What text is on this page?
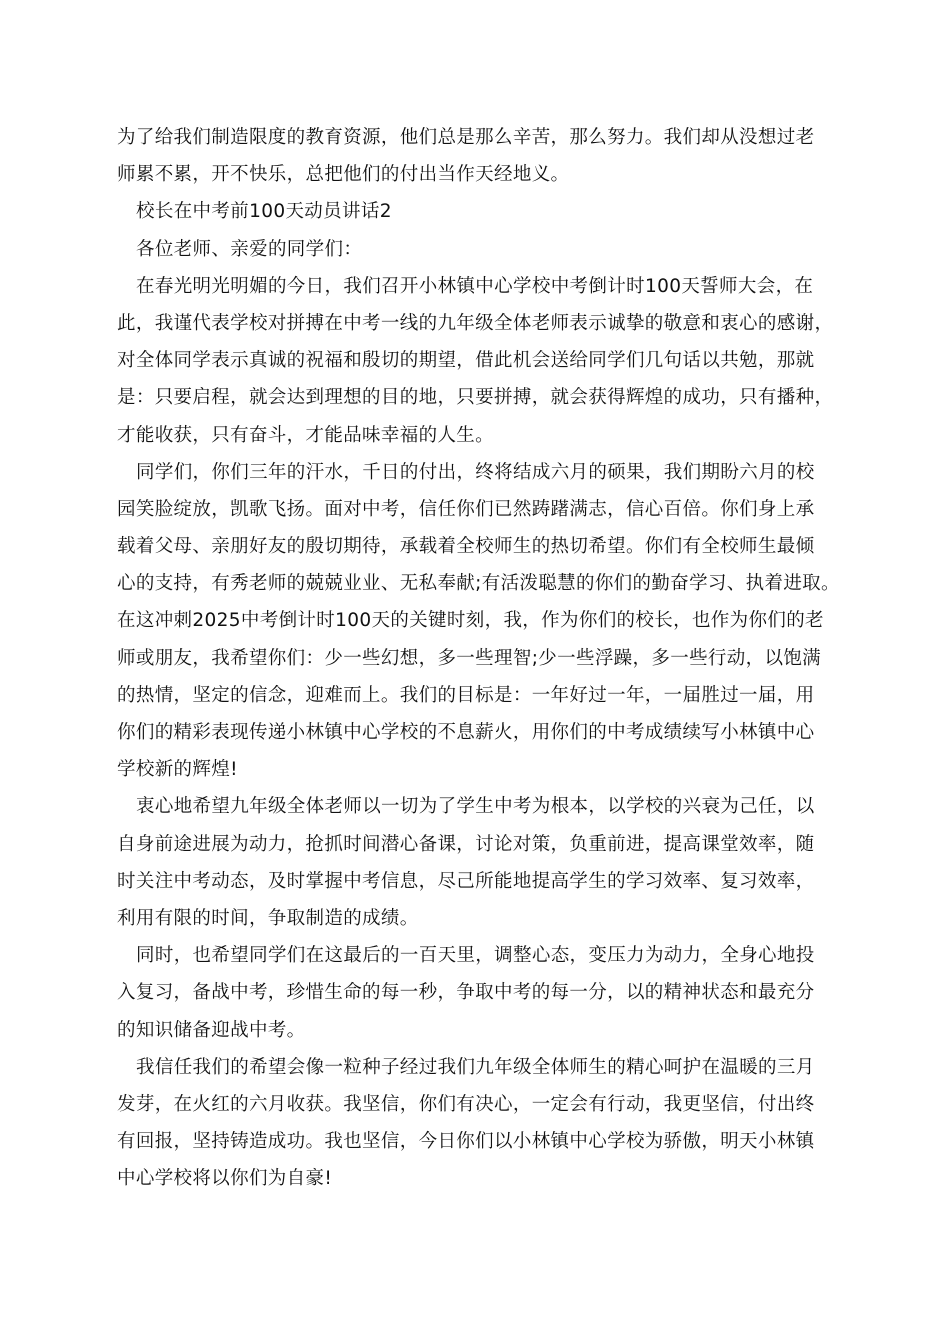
为了给我们制造限度的教育资源，他们总是那么辛苦，那么努力。我们却从没想过老
师累不累，开不快乐，总把他们的付出当作天经地义。
校长在中考前100天动员讲话2
各位老师、亲爱的同学们：
在春光明光明媚的今日，我们召开小林镇中心学校中考倒计时100天誓师大会，在
此，我谨代表学校对拼搏在中考一线的九年级全体老师表示诚挚的敬意和衷心的感谢，
对全体同学表示真诚的祝福和殷切的期望，借此机会送给同学们几句话以共勉，那就
是：只要启程，就会达到理想的目的地，只要拼搏，就会获得辉煌的成功，只有播种，
才能收获，只有奋斗，才能品味幸福的人生。
同学们，你们三年的汗水，千日的付出，终将结成六月的硕果，我们期盼六月的校
园笑脸绽放，凯歌飞扬。面对中考，信任你们已然踌躇满志，信心百倍。你们身上承
载着父母、亲朋好友的殷切期待，承载着全校师生的热切希望。你们有全校师生最倾
心的支持，有秀老师的兢兢业业、无私奉献;有活泼聪慧的你们的勤奋学习、执着进取。
在这冲刺2025中考倒计时100天的关键时刻，我，作为你们的校长，也作为你们的老
师或朋友，我希望你们：少一些幻想，多一些理智;少一些浮躁，多一些行动，以饱满
的热情，坚定的信念，迎难而上。我们的目标是：一年好过一年，一届胜过一届，用
你们的精彩表现传递小林镇中心学校的不息薪火，用你们的中考成绩续写小林镇中心
学校新的辉煌!
衷心地希望九年级全体老师以一切为了学生中考为根本，以学校的兴衰为己任，以
自身前途进展为动力，抢抓时间潜心备课，讨论对策，负重前进，提高课堂效率，随
时关注中考动态，及时掌握中考信息，尽己所能地提高学生的学习效率、复习效率，
利用有限的时间，争取制造的成绩。
同时，也希望同学们在这最后的一百天里，调整心态，变压力为动力，全身心地投
入复习，备战中考，珍惜生命的每一秒，争取中考的每一分，以的精神状态和最充分
的知识储备迎战中考。
我信任我们的希望会像一粒种子经过我们九年级全体师生的精心呵护在温暖的三月
发芽，在火红的六月收获。我坚信，你们有决心，一定会有行动，我更坚信，付出终
有回报，坚持铸造成功。我也坚信，今日你们以小林镇中心学校为骄傲，明天小林镇
中心学校将以你们为自豪!
